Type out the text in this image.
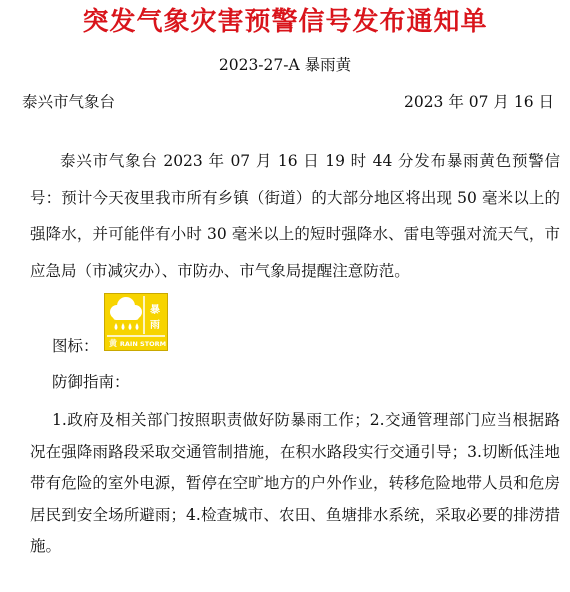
突发气象灾害预警信号发布通知单
2023-27-A 暴雨黄
泰兴市气象台	2023 年 07 月 16 日
泰兴市气象台 2023 年 07 月 16 日 19 时 44 分发布暴雨黄色预警信号：预计今天夜里我市所有乡镇（街道）的大部分地区将出现 50 毫米以上的强降水，并可能伴有小时 30 毫米以上的短时强降水、雷电等强对流天气，市应急局（市减灾办）、市防办、市气象局提醒注意防范。
图标：
暴
雨
黄 RAIN STORM
防御指南：
1.政府及相关部门按照职责做好防暴雨工作；2.交通管理部门应当根据路况在强降雨路段采取交通管制措施，在积水路段实行交通引导；3.切断低洼地带有危险的室外电源，暂停在空旷地方的户外作业，转移危险地带人员和危房居民到安全场所避雨；4.检查城市、农田、鱼塘排水系统，采取必要的排涝措施。
